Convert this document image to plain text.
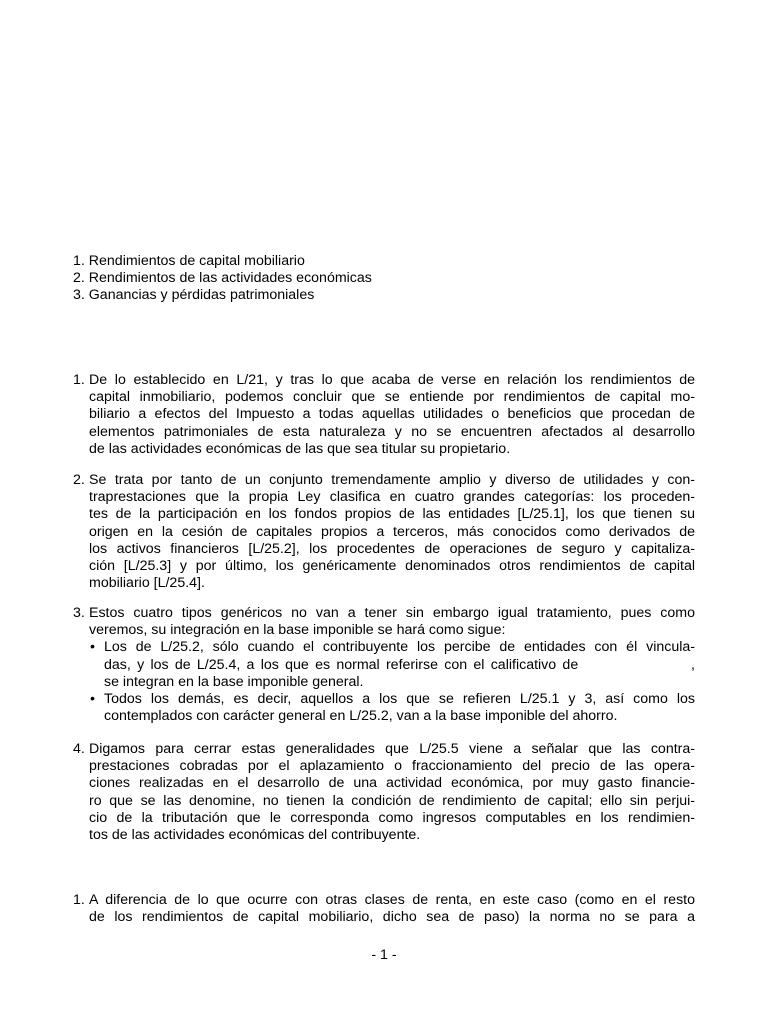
1. Rendimientos de capital mobiliario
2. Rendimientos de las actividades económicas
3. Ganancias y pérdidas patrimoniales
1. De lo establecido en L/21, y tras lo que acaba de verse en relación los rendimientos de
capital inmobiliario, podemos concluir que se entiende por rendimientos de capital mo-
biliario a efectos del Impuesto a todas aquellas utilidades o beneficios que procedan de
elementos patrimoniales de esta naturaleza y no se encuentren afectados al desarrollo
de las actividades económicas de las que sea titular su propietario.
2. Se trata por tanto de un conjunto tremendamente amplio y diverso de utilidades y con-
traprestaciones que la propia Ley clasifica en cuatro grandes categorías: los proceden-
tes de la participación en los fondos propios de las entidades [L/25.1], los que tienen su
origen en la cesión de capitales propios a terceros, más conocidos como derivados de
los activos financieros [L/25.2], los procedentes de operaciones de seguro y capitaliza-
ción [L/25.3] y por último, los genéricamente denominados otros rendimientos de capital
mobiliario [L/25.4].
3. Estos cuatro tipos genéricos no van a tener sin embargo igual tratamiento, pues como
veremos, su integración en la base imponible se hará como sigue:
• Los de L/25.2, sólo cuando el contribuyente los percibe de entidades con él vincula-
das, y los de L/25.4, a los que es normal referirse con el calificativo de                  ,
se integran en la base imponible general.
• Todos los demás, es decir, aquellos a los que se refieren L/25.1 y 3, así como los
contemplados con carácter general en L/25.2, van a la base imponible del ahorro.
4. Digamos para cerrar estas generalidades que L/25.5 viene a señalar que las contra-
prestaciones cobradas por el aplazamiento o fraccionamiento del precio de las opera-
ciones realizadas en el desarrollo de una actividad económica, por muy gasto financie-
ro que se las denomine, no tienen la condición de rendimiento de capital; ello sin perjui-
cio de la tributación que le corresponda como ingresos computables en los rendimien-
tos de las actividades económicas del contribuyente.
1. A diferencia de lo que ocurre con otras clases de renta, en este caso (como en el resto
de los rendimientos de capital mobiliario, dicho sea de paso) la norma no se para a
- 1 -
